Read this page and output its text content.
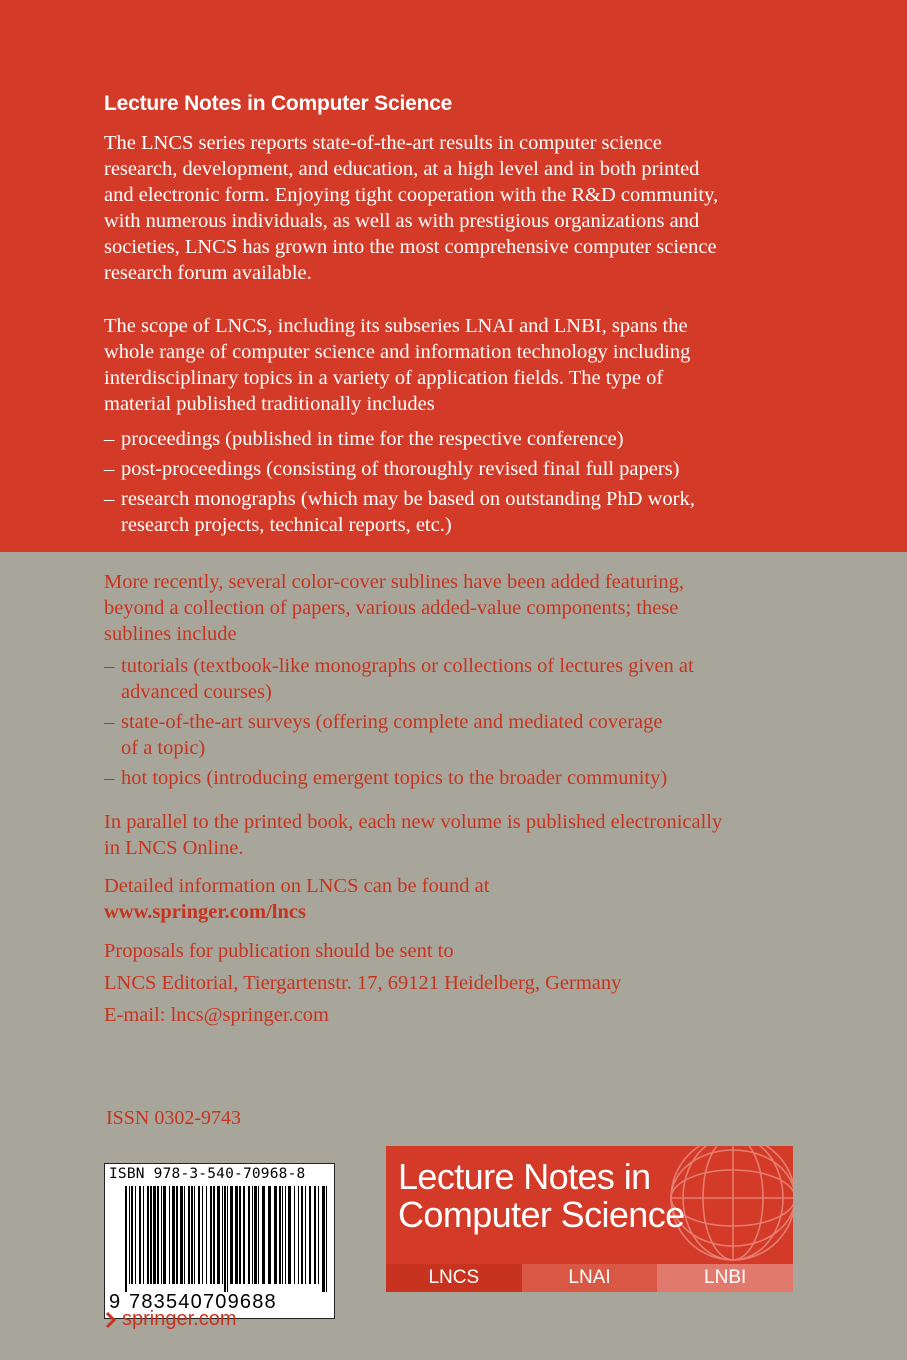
Lecture Notes in Computer Science
The LNCS series reports state-of-the-art results in computer science
research, development, and education, at a high level and in both printed
and electronic form. Enjoying tight cooperation with the R&D community,
with numerous individuals, as well as with prestigious organizations and
societies, LNCS has grown into the most comprehensive computer science
research forum available.
The scope of LNCS, including its subseries LNAI and LNBI, spans the
whole range of computer science and information technology including
interdisciplinary topics in a variety of application fields. The type of
material published traditionally includes
– proceedings (published in time for the respective conference)
– post-proceedings (consisting of thoroughly revised final full papers)
– research monographs (which may be based on outstanding PhD work,
research projects, technical reports, etc.)
More recently, several color-cover sublines have been added featuring,
beyond a collection of papers, various added-value components; these
sublines include
– tutorials (textbook-like monographs or collections of lectures given at
advanced courses)
– state-of-the-art surveys (offering complete and mediated coverage
of a topic)
– hot topics (introducing emergent topics to the broader community)
In parallel to the printed book, each new volume is published electronically
in LNCS Online.
Detailed information on LNCS can be found at
www.springer.com/lncs
Proposals for publication should be sent to
LNCS Editorial, Tiergartenstr. 17, 69121 Heidelberg, Germany
E-mail: lncs@springer.com
ISSN 0302-9743
ISBN 978-3-540-70968-8
9 783540709688
Lecture Notes in
Computer Science
LNCS	LNAI	LNBI
springer.com
